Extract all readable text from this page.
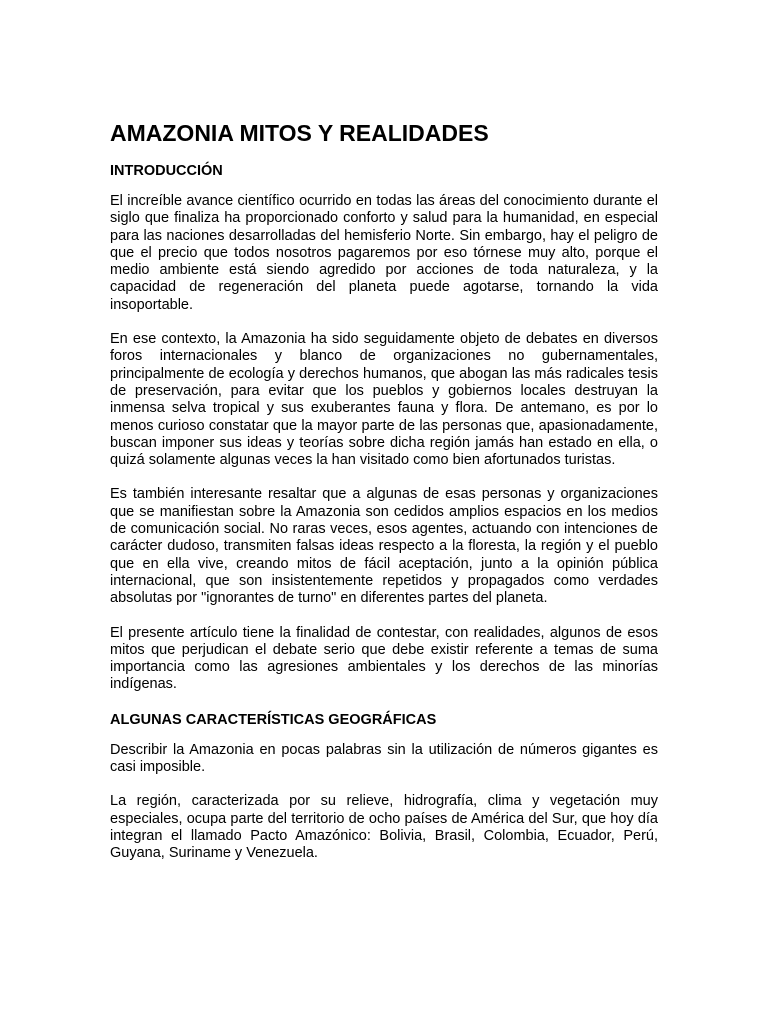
AMAZONIA MITOS Y REALIDADES
INTRODUCCIÓN

El increíble avance científico ocurrido en todas las áreas del conocimiento durante el siglo que finaliza ha proporcionado conforto y salud para la humanidad, en especial para las naciones desarrolladas del hemisferio Norte. Sin embargo, hay el peligro de que el precio que todos nosotros pagaremos por eso tórnese muy alto, porque el medio ambiente está siendo agredido por acciones de toda naturaleza, y la capacidad de regeneración del planeta puede agotarse, tornando la vida insoportable.

En ese contexto, la Amazonia ha sido seguidamente objeto de debates en diversos foros internacionales y blanco de organizaciones no gubernamentales, principalmente de ecología y derechos humanos, que abogan las más radicales tesis de preservación, para evitar que los pueblos y gobiernos locales destruyan la inmensa selva tropical y sus exuberantes fauna y flora. De antemano, es por lo menos curioso constatar que la mayor parte de las personas que, apasionadamente, buscan imponer sus ideas y teorías sobre dicha región jamás han estado en ella, o quizá solamente algunas veces la han visitado como bien afortunados turistas.

Es también interesante resaltar que a algunas de esas personas y organizaciones que se manifiestan sobre la Amazonia son cedidos amplios espacios en los medios de comunicación social. No raras veces, esos agentes, actuando con intenciones de carácter dudoso, transmiten falsas ideas respecto a la floresta, la región y el pueblo que en ella vive, creando mitos de fácil aceptación, junto a la opinión pública internacional, que son insistentemente repetidos y propagados como verdades absolutas por "ignorantes de turno" en diferentes partes del planeta.

El presente artículo tiene la finalidad de contestar, con realidades, algunos de esos mitos que perjudican el debate serio que debe existir referente a temas de suma importancia como las agresiones ambientales y los derechos de las minorías indígenas.

ALGUNAS CARACTERÍSTICAS GEOGRÁFICAS

Describir la Amazonia en pocas palabras sin la utilización de números gigantes es casi imposible.

La región, caracterizada por su relieve, hidrografía, clima y vegetación muy especiales, ocupa parte del territorio de ocho países de América del Sur, que hoy día integran el llamado Pacto Amazónico: Bolivia, Brasil, Colombia, Ecuador, Perú, Guyana, Suriname y Venezuela.
